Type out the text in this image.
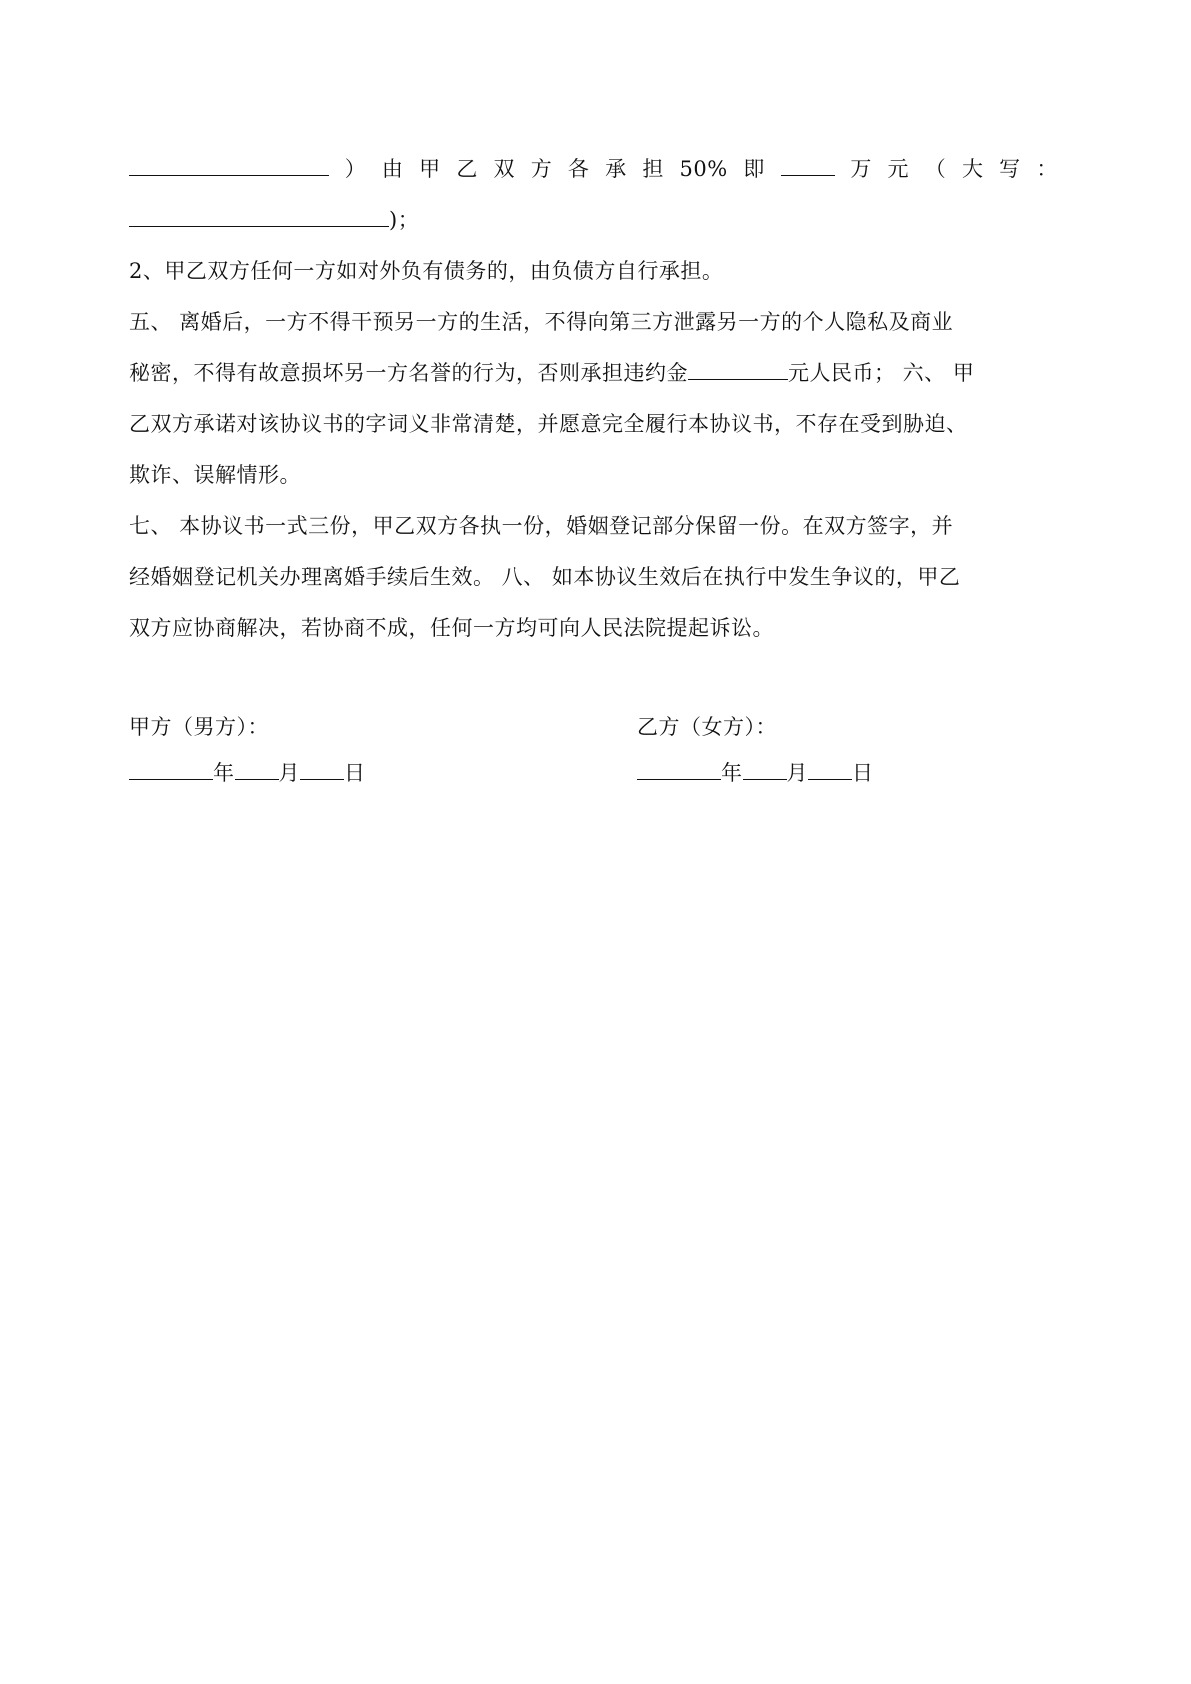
） 由 甲 乙 双 方 各 承 担 50% 即	万 元 （ 大 写 ：
)；
2、甲乙双方任何一方如对外负有债务的，由负债方自行承担。
五、 离婚后，一方不得干预另一方的生活，不得向第三方泄露另一方的个人隐私及商业
秘密，不得有故意损坏另一方名誉的行为，否则承担违约金	元人民币； 六、 甲
乙双方承诺对该协议书的字词义非常清楚，并愿意完全履行本协议书，不存在受到胁迫、
欺诈、误解情形。
七、 本协议书一式三份，甲乙双方各执一份，婚姻登记部分保留一份。在双方签字，并
经婚姻登记机关办理离婚手续后生效。 八、 如本协议生效后在执行中发生争议的，甲乙
双方应协商解决，若协商不成，任何一方均可向人民法院提起诉讼。
甲方（男方）：
年 月 日
乙方（女方）：
年 月 日
